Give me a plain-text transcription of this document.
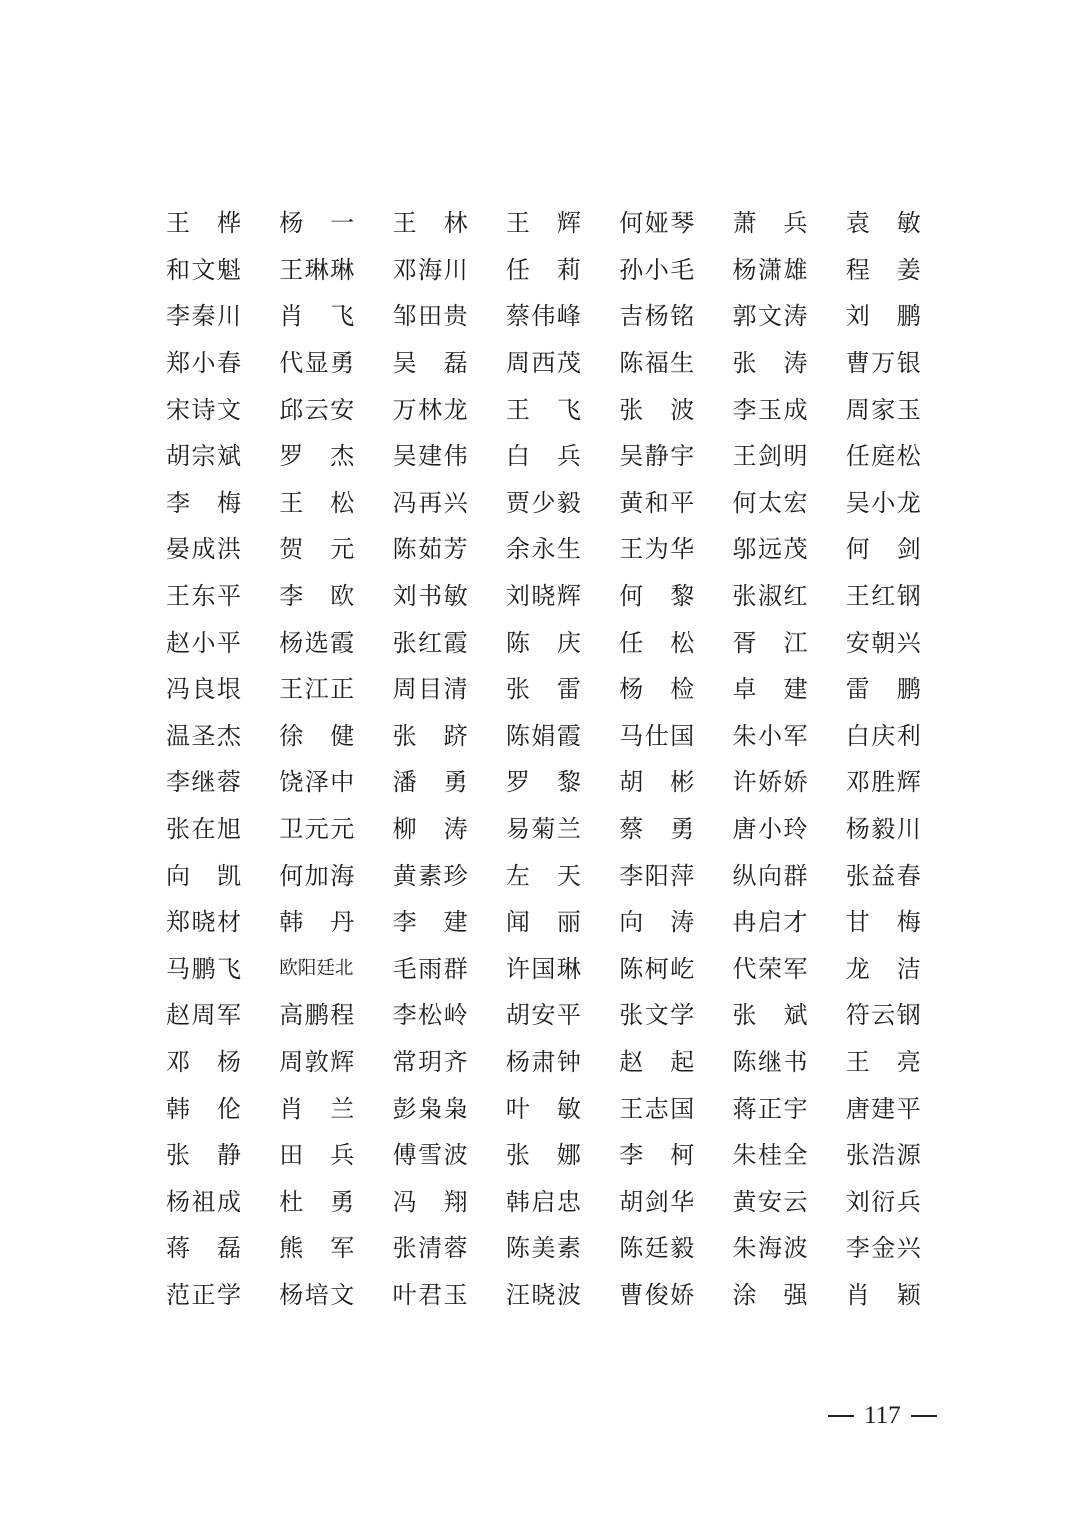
王 桦 杨 一 王 林 王 辉 何 娅 琴 萧 兵 袁 敏
和 文 魁 王 琳 琳 邓 海 川 任 莉 孙 小 毛 杨 潇 雄 程 姜
李 秦 川 肖 飞 邹 田 贵 蔡 伟 峰 吉 杨 铭 郭 文 涛 刘 鹏
郑 小 春 代 显 勇 吴 磊 周 西 茂 陈 福 生 张 涛 曹 万 银
宋 诗 文 邱 云 安 万 林 龙 王 飞 张 波 李 玉 成 周 家 玉
胡 宗 斌 罗 杰 吴 建 伟 白 兵 吴 静 宇 王 剑 明 任 庭 松
李 梅 王 松 冯 再 兴 贾 少 毅 黄 和 平 何 太 宏 吴 小 龙
晏 成 洪 贺 元 陈 茹 芳 余 永 生 王 为 华 邬 远 茂 何 剑
王 东 平 李 欧 刘 书 敏 刘 晓 辉 何 黎 张 淑 红 王 红 钢
赵 小 平 杨 选 霞 张 红 霞 陈 庆 任 松 胥 江 安 朝 兴
冯 良 垠 王 江 正 周 目 清 张 雷 杨 检 卓 建 雷 鹏
温 圣 杰 徐 健 张 跻 陈 娟 霞 马 仕 国 朱 小 军 白 庆 利
李 继 蓉 饶 泽 中 潘 勇 罗 黎 胡 彬 许 娇 娇 邓 胜 辉
张 在 旭 卫 元 元 柳 涛 易 菊 兰 蔡 勇 唐 小 玲 杨 毅 川
向 凯 何 加 海 黄 素 珍 左 天 李 阳 萍 纵 向 群 张 益 春
郑 晓 材 韩 丹 李 建 闻 丽 向 涛 冉 启 才 甘 梅
马 鹏 飞 欧 阳 廷 北 毛 雨 群 许 国 琳 陈 柯 屹 代 荣 军 龙 洁
赵 周 军 高 鹏 程 李 松 岭 胡 安 平 张 文 学 张 斌 符 云 钢
邓 杨 周 敦 辉 常 玥 齐 杨 肃 钟 赵 起 陈 继 书 王 亮
韩 伦 肖 兰 彭 枭 枭 叶 敏 王 志 国 蒋 正 宇 唐 建 平
张 静 田 兵 傅 雪 波 张 娜 李 柯 朱 桂 全 张 浩 源
杨 祖 成 杜 勇 冯 翔 韩 启 忠 胡 剑 华 黄 安 云 刘 衍 兵
蒋 磊 熊 军 张 清 蓉 陈 美 素 陈 廷 毅 朱 海 波 李 金 兴
范 正 学 杨 培 文 叶 君 玉 汪 晓 波 曹 俊 娇 涂 强 肖 颖
117
